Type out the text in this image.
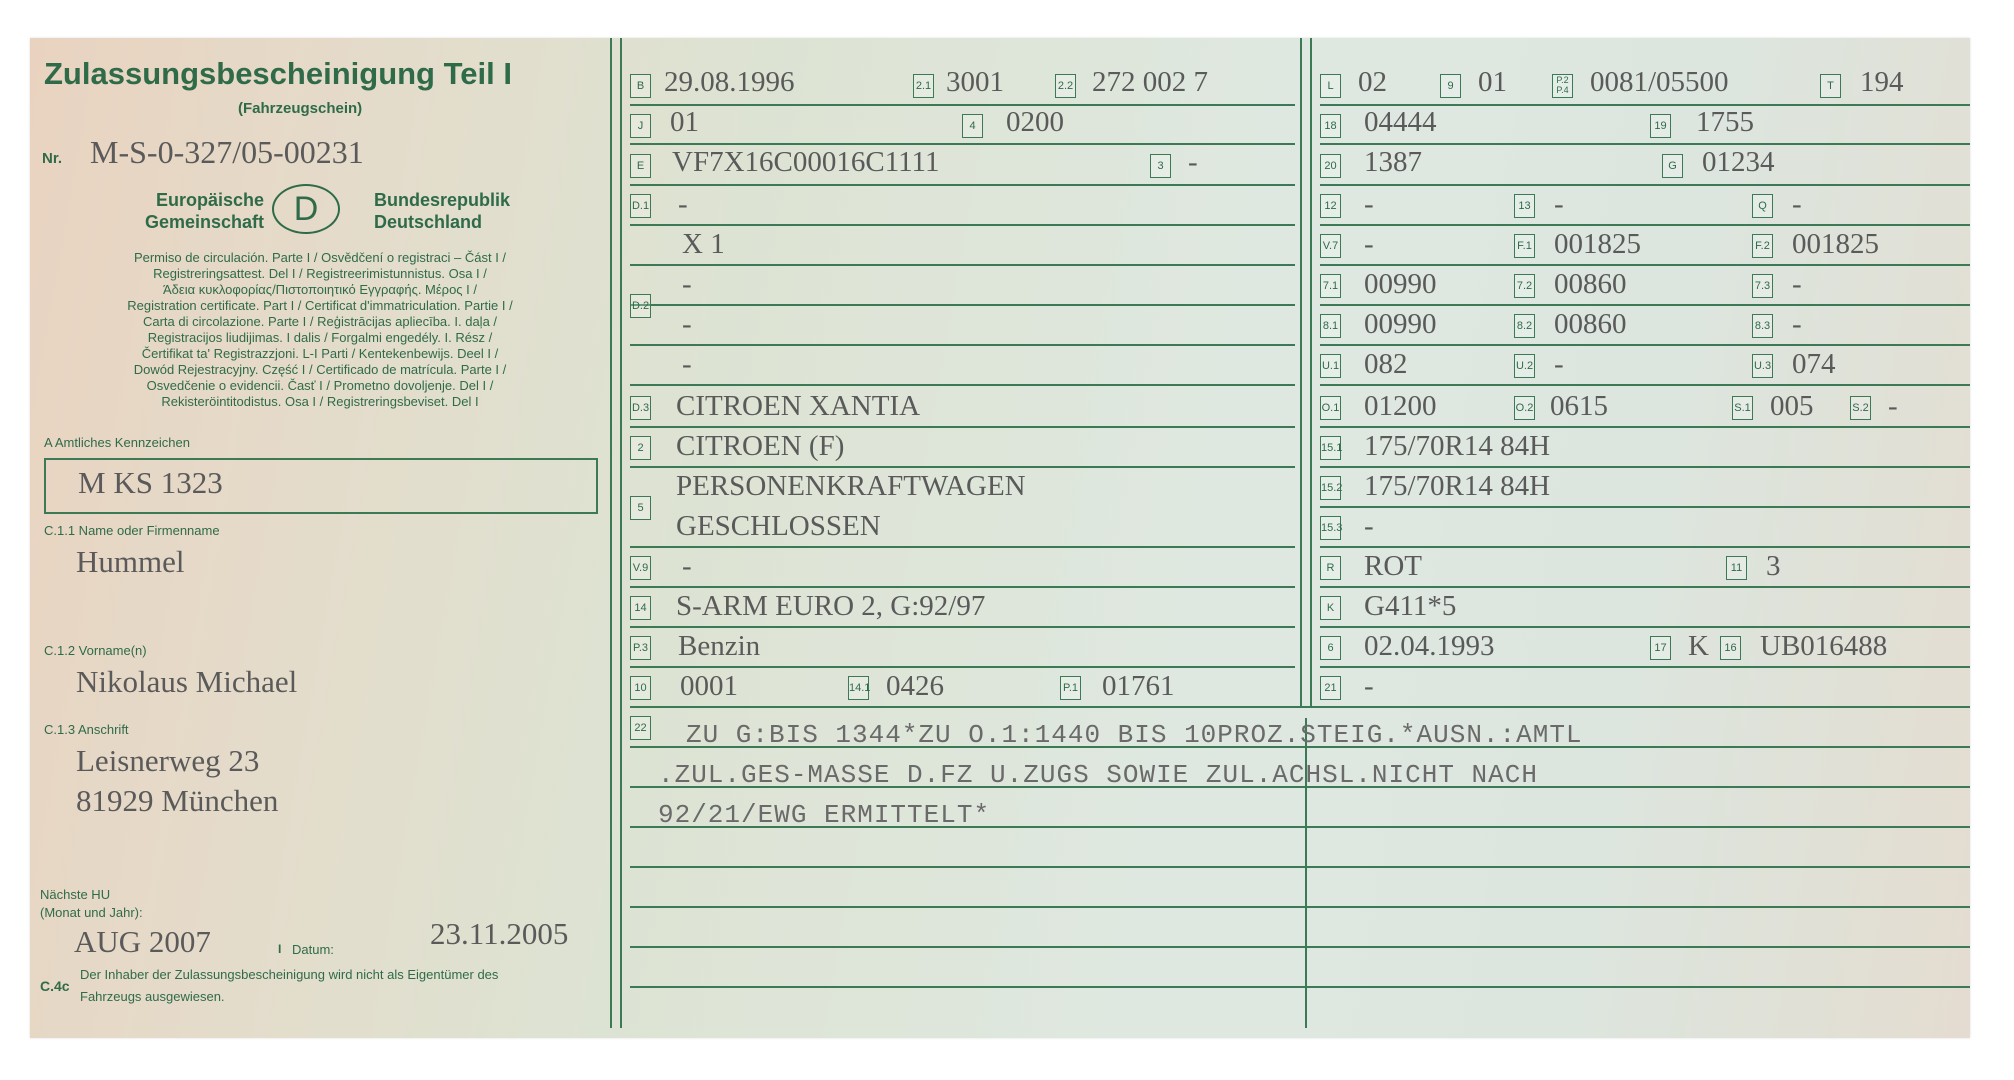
Zulassungsbescheinigung Teil I
(Fahrzeugschein)
Nr. M-S-0-327/05-00231
Europäische
Gemeinschaft D	Bundesrepublik
Deutschland
Permiso de circulación. Parte I / Osvědčení o registraci – Část I /
Registreringsattest. Del I / Registreerimistunnistus. Osa I /
Άδεια κυκλοφορίας/Πιστοποιητικό Εγγραφής. Μέρος I /
Registration certificate. Part I / Certificat d'immatriculation. Partie I /
Carta di circolazione. Parte I / Reģistrācijas apliecība. I. daļa /
Registracijos liudijimas. I dalis / Forgalmi engedély. I. Rész /
Čertifikat ta' Registrazzjoni. L-I Parti / Kentekenbewijs. Deel I /
Dowód Rejestracyjny. Część I / Certificado de matrícula. Parte I /
Osvedčenie o evidencii. Časť I / Prometno dovoljenje. Del I /
Rekisteröintitodistus. Osa I / Registreringsbeviset. Del I
A Amtliches Kennzeichen
M KS 1323
C.1.1 Name oder Firmenname
Hummel
C.1.2 Vorname(n)
Nikolaus Michael
C.1.3 Anschrift
Leisnerweg 23
81929 München
Nächste HU
(Monat und Jahr):
AUG 2007	I Datum:	23.11.2005
C.4c
Der Inhaber der Zulassungsbescheinigung wird nicht als Eigentümer des
Fahrzeugs ausgewiesen.
B 29.08.1996	2.1 3001	2.2 272 002 7
J 01	4 0200
E VF7X16C00016C1111	3 -
D.1 -
D.2
X 1
-
-
-
D.3 CITROEN XANTIA
2 CITROEN (F)
5
PERSONENKRAFTWAGEN
GESCHLOSSEN
V.9 -
14 S-ARM EURO 2, G:92/97
P.3 Benzin
10 0001	14.1 0426	P.1 01761
L 02	9 01	P.2 P.4 0081/05500	T 194
18 04444	19 1755
20 1387	G 01234
12 -	13 -	Q -
V.7 -	F.1 001825	F.2 001825
7.1 00990	7.2 00860	7.3 -
8.1 00990	8.2 00860	8.3 -
U.1 082	U.2 -	U.3 074
O.1 01200	O.2 0615	S.1 005	S.2 -
15.1 175/70R14 84H
15.2 175/70R14 84H
15.3 -
R ROT	11 3
K G411*5
6 02.04.1993	17 K	16 UB016488
21 -
22 ZU G:BIS 1344*ZU O.1:1440 BIS 10PROZ.STEIG.*AUSN.:AMTL
.ZUL.GES-MASSE D.FZ U.ZUGS SOWIE ZUL.ACHSL.NICHT NACH
92/21/EWG ERMITTELT*
